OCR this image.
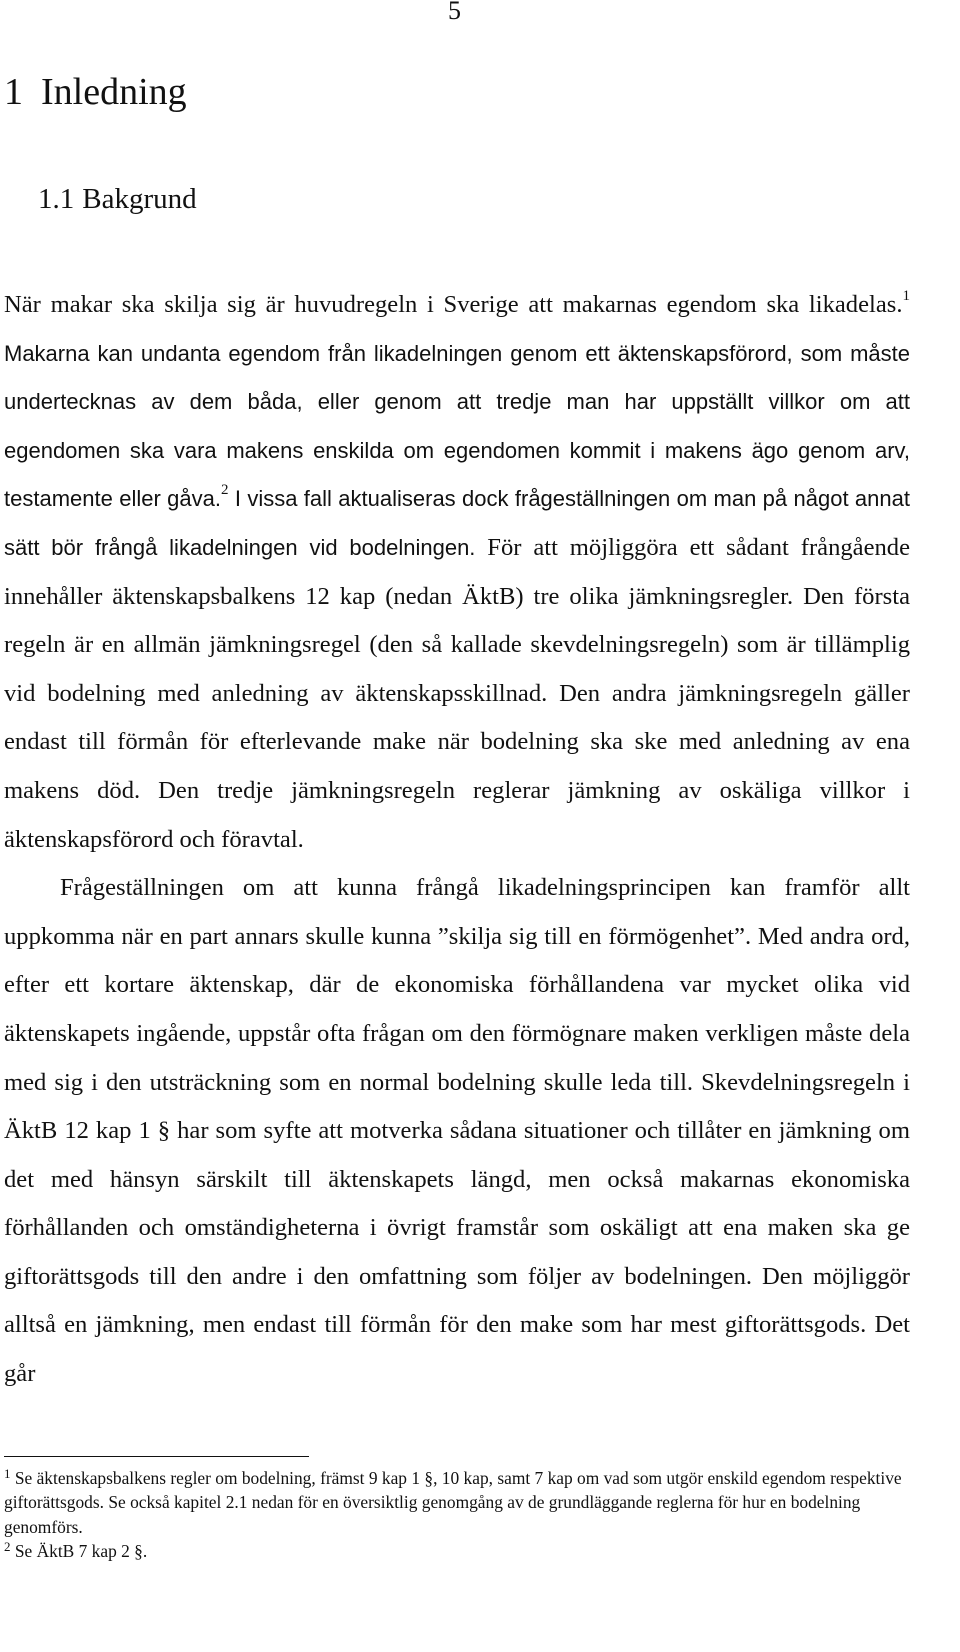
5
1 Inledning
1.1 Bakgrund

När makar ska skilja sig är huvudregeln i Sverige att makarnas egendom ska likadelas.$^1$ Makarna kan undanta egendom från likadelningen genom ett äktenskapsförord, som måste undertecknas av dem båda, eller genom att tredje man har uppställt villkor om att egendomen ska vara makens enskilda om egendomen kommit i makens ägo genom arv, testamente eller gåva.$^2$ I vissa fall aktualiseras dock frågeställningen om man på något annat sätt bör frångå likadelningen vid bodelningen. För att möjliggöra ett sådant frångående innehåller äktenskapsbalkens 12 kap (nedan ÄktB) tre olika jämkningsregler. Den första regeln är en allmän jämkningsregel (den så kallade skevdelningsregeln) som är tillämplig vid bodelning med anledning av äktenskapsskillnad. Den andra jämkningsregeln gäller endast till förmån för efterlevande make när bodelning ska ske med anledning av ena makens död. Den tredje jämkningsregeln reglerar jämkning av oskäliga villkor i äktenskapsförord och föravtal.

Frågeställningen om att kunna frångå likadelningsprincipen kan framför allt uppkomma när en part annars skulle kunna ”skilja sig till en förmögenhet”. Med andra ord, efter ett kortare äktenskap, där de ekonomiska förhållandena var mycket olika vid äktenskapets ingående, uppstår ofta frågan om den förmögnare maken verkligen måste dela med sig i den utsträckning som en normal bodelning skulle leda till. Skevdelningsregeln i ÄktB 12 kap 1 § har som syfte att motverka sådana situationer och tillåter en jämkning om det med hänsyn särskilt till äktenskapets längd, men också makarnas ekonomiska förhållanden och omständigheterna i övrigt framstår som oskäligt att ena maken ska ge giftorättsgods till den andre i den omfattning som följer av bodelningen. Den möjliggör alltså en jämkning, men endast till förmån för den make som har mest giftorättsgods. Det går

$^1$ Se äktenskapsbalkens regler om bodelning, främst 9 kap 1 §, 10 kap, samt 7 kap om vad som utgör enskild egendom respektive giftorättsgods. Se också kapitel 2.1 nedan för en översiktlig genomgång av de grundläggande reglerna för hur en bodelning genomförs.

$^2$ Se ÄktB 7 kap 2 §.
